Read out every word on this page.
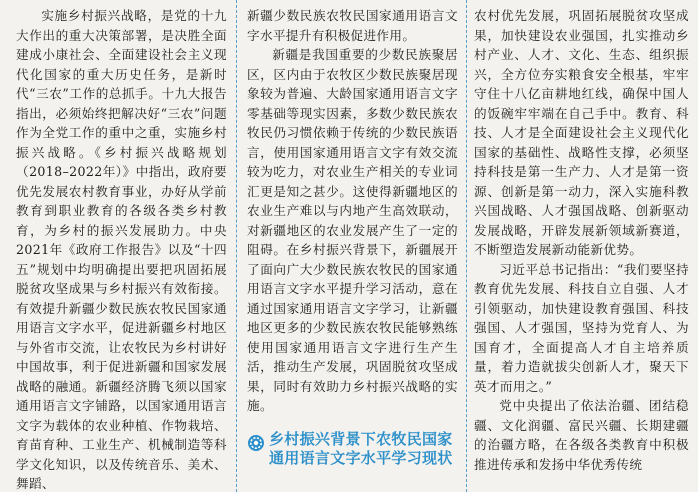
实施乡村振兴战略，是党的十九大作出的重大决策部署，是决胜全面建成小康社会、全面建设社会主义现代化国家的重大历史任务，是新时代“三农”工作的总抓手。十九大报告指出，必须始终把解决好“三农”问题作为全党工作的重中之重，实施乡村振兴战略。《乡村振兴战略规划（2018–2022年）》中指出，政府要优先发展农村教育事业，办好从学前教育到职业教育的各级各类乡村教育，为乡村的振兴发展助力。中央2021年《政府工作报告》以及“十四五”规划中均明确提出要把巩固拓展脱贫攻坚成果与乡村振兴有效衔接。有效提升新疆少数民族农牧民国家通用语言文字水平，促进新疆乡村地区与外省市交流，让农牧民为乡村讲好中国故事，利于促进新疆和国家发展战略的融通。新疆经济腾飞须以国家通用语言文字铺路，以国家通用语言文字为载体的农业种植、作物栽培、育苗育种、工业生产、机械制造等科学文化知识，以及传统音乐、美术、舞蹈、

新疆少数民族农牧民国家通用语言文字水平提升有积极促进作用。

新疆是我国重要的少数民族聚居区，区内由于农牧区少数民族聚居现象较为普遍、大龄国家通用语言文字零基础等现实因素，多数少数民族农牧民仍习惯依赖于传统的少数民族语言，使用国家通用语言文字有效交流较为吃力，对农业生产相关的专业词汇更是知之甚少。这使得新疆地区的农业生产难以与内地产生高效联动，对新疆地区的农业发展产生了一定的阻碍。在乡村振兴背景下，新疆展开了面向广大少数民族农牧民的国家通用语言文字水平提升学习活动，意在通过国家通用语言文字学习，让新疆地区更多的少数民族农牧民能够熟练使用国家通用语言文字进行生产生活，推动生产发展，巩固脱贫攻坚成果，同时有效助力乡村振兴战略的实施。

乡村振兴背景下农牧民国家通用语言文字水平学习现状

农村优先发展，巩固拓展脱贫攻坚成果，加快建设农业强国，扎实推动乡村产业、人才、文化、生态、组织振兴，全方位夯实粮食安全根基，牢牢守住十八亿亩耕地红线，确保中国人的饭碗牢牢端在自己手中。教育、科技、人才是全面建设社会主义现代化国家的基础性、战略性支撑，必须坚持科技是第一生产力、人才是第一资源、创新是第一动力，深入实施科教兴国战略、人才强国战略、创新驱动发展战略，开辟发展新领域新赛道，不断塑造发展新动能新优势。

习近平总书记指出：“我们要坚持教育优先发展、科技自立自强、人才引领驱动，加快建设教育强国、科技强国、人才强国，坚持为党育人、为国育才，全面提高人才自主培养质量，着力造就拔尖创新人才，聚天下英才而用之。”

党中央提出了依法治疆、团结稳疆、文化润疆、富民兴疆、长期建疆的治疆方略，在各级各类教育中积极推进传承和发扬中华优秀传统
